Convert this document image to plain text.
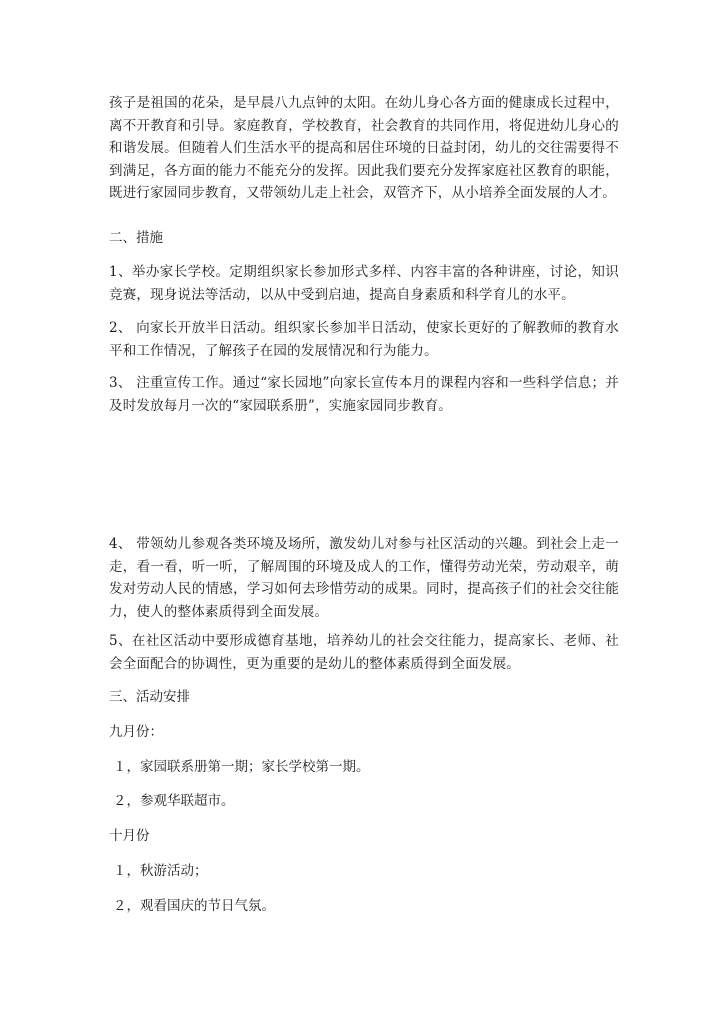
孩子是祖国的花朵，是早晨八九点钟的太阳。在幼儿身心各方面的健康成长过程中，离不开教育和引导。家庭教育，学校教育，社会教育的共同作用，将促进幼儿身心的和谐发展。但随着人们生活水平的提高和居住环境的日益封闭，幼儿的交往需要得不到满足，各方面的能力不能充分的发挥。因此我们要充分发挥家庭社区教育的职能，既进行家园同步教育，又带领幼儿走上社会，双管齐下，从小培养全面发展的人才。

二、措施

1、举办家长学校。定期组织家长参加形式多样、内容丰富的各种讲座，讨论，知识竞赛，现身说法等活动，以从中受到启迪，提高自身素质和科学育儿的水平。

2、 向家长开放半日活动。组织家长参加半日活动，使家长更好的了解教师的教育水平和工作情况，了解孩子在园的发展情况和行为能力。

3、 注重宣传工作。通过“家长园地”向家长宣传本月的课程内容和一些科学信息；并及时发放每月一次的“家园联系册”，实施家园同步教育。

4、 带领幼儿参观各类环境及场所，激发幼儿对参与社区活动的兴趣。到社会上走一走，看一看，听一听，了解周围的环境及成人的工作，懂得劳动光荣，劳动艰辛，萌发对劳动人民的情感，学习如何去珍惜劳动的成果。同时，提高孩子们的社会交往能力，使人的整体素质得到全面发展。

5、在社区活动中要形成德育基地，培养幼儿的社会交往能力，提高家长、老师、社会全面配合的协调性，更为重要的是幼儿的整体素质得到全面发展。

三、活动安排

九月份：

１，家园联系册第一期；家长学校第一期。

２，参观华联超市。

十月份

１，秋游活动；

２，观看国庆的节日气氛。
